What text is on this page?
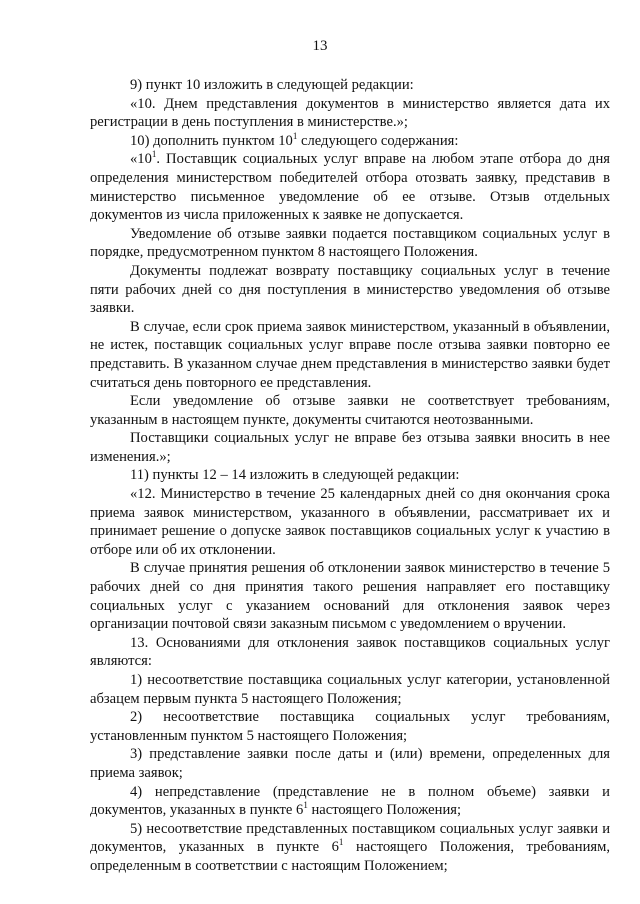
13

9) пункт 10 изложить в следующей редакции:

«10. Днем представления документов в министерство является дата их регистрации в день поступления в министерстве.»;

10) дополнить пунктом $10^1$ следующего содержания:

«$10^1$. Поставщик социальных услуг вправе на любом этапе отбора до дня определения министерством победителей отбора отозвать заявку, представив в министерство письменное уведомление об ее отзыве. Отзыв отдельных документов из числа приложенных к заявке не допускается.

Уведомление об отзыве заявки подается поставщиком социальных услуг в порядке, предусмотренном пунктом 8 настоящего Положения.

Документы подлежат возврату поставщику социальных услуг в течение пяти рабочих дней со дня поступления в министерство уведомления об отзыве заявки.

В случае, если срок приема заявок министерством, указанный в объявлении, не истек, поставщик социальных услуг вправе после отзыва заявки повторно ее представить. В указанном случае днем представления в министерство заявки будет считаться день повторного ее представления.

Если уведомление об отзыве заявки не соответствует требованиям, указанным в настоящем пункте, документы считаются неотозванными.

Поставщики социальных услуг не вправе без отзыва заявки вносить в нее изменения.»;

11) пункты 12 – 14 изложить в следующей редакции:

«12. Министерство в течение 25 календарных дней со дня окончания срока приема заявок министерством, указанного в объявлении, рассматривает их и принимает решение о допуске заявок поставщиков социальных услуг к участию в отборе или об их отклонении.

В случае принятия решения об отклонении заявок министерство в течение 5 рабочих дней со дня принятия такого решения направляет его поставщику социальных услуг с указанием оснований для отклонения заявок через организации почтовой связи заказным письмом с уведомлением о вручении.

13. Основаниями для отклонения заявок поставщиков социальных услуг являются:

1) несоответствие поставщика социальных услуг категории, установленной абзацем первым пункта 5 настоящего Положения;

2) несоответствие поставщика социальных услуг требованиям, установленным пунктом 5 настоящего Положения;

3) представление заявки после даты и (или) времени, определенных для приема заявок;

4) непредставление (представление не в полном объеме) заявки и документов, указанных в пункте $6^1$ настоящего Положения;

5) несоответствие представленных поставщиком социальных услуг заявки и документов, указанных в пункте $6^1$ настоящего Положения, требованиям, определенным в соответствии с настоящим Положением;
